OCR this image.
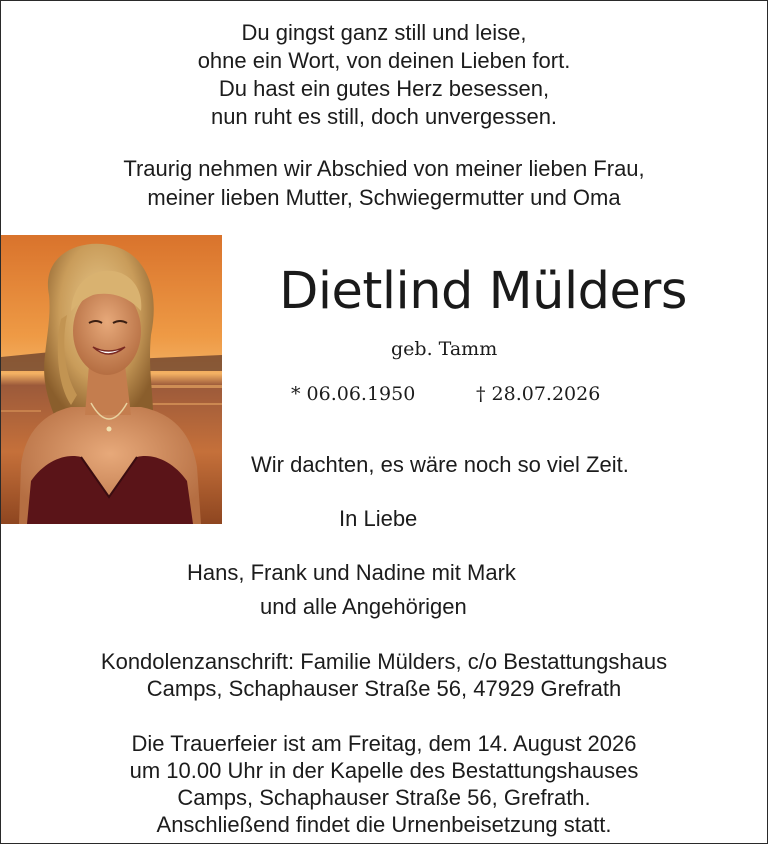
Du gingst ganz still und leise,
ohne ein Wort, von deinen Lieben fort.
Du hast ein gutes Herz besessen,
nun ruht es still, doch unvergessen.
Traurig nehmen wir Abschied von meiner lieben Frau,
meiner lieben Mutter, Schwiegermutter und Oma
Dietlind Mülders
geb. Tamm
* 06.06.1950	† 28.07.2026
Wir dachten, es wäre noch so viel Zeit.
In Liebe
Hans, Frank und Nadine mit Mark
und alle Angehörigen
Kondolenzanschrift: Familie Mülders, c/o Bestattungshaus
Camps, Schaphauser Straße 56, 47929 Grefrath
Die Trauerfeier ist am Freitag, dem 14. August 2026
um 10.00 Uhr in der Kapelle des Bestattungshauses
Camps, Schaphauser Straße 56, Grefrath.
Anschließend findet die Urnenbeisetzung statt.
